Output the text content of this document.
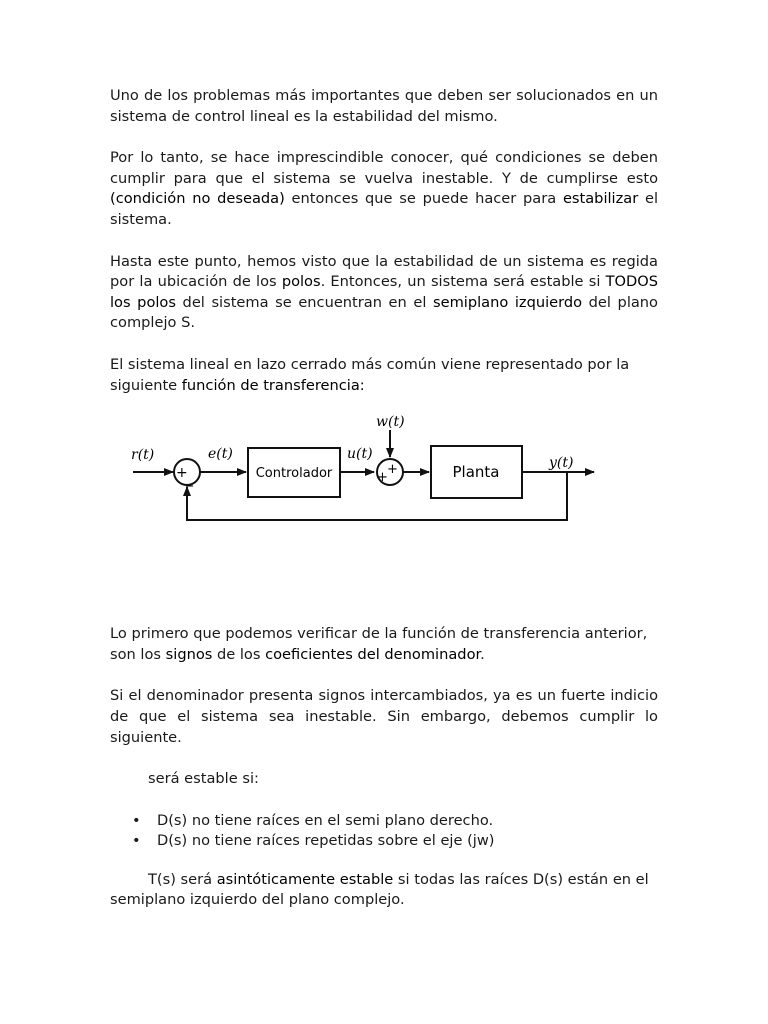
Uno de los problemas más importantes que deben ser solucionados en un sistema de control lineal es la estabilidad del mismo.

Por lo tanto, se hace imprescindible conocer, qué condiciones se deben cumplir para que el sistema se vuelva inestable. Y de cumplirse esto (condición no deseada) entonces que se puede hacer para estabilizar el sistema.

Hasta este punto, hemos visto que la estabilidad de un sistema es regida por la ubicación de los polos. Entonces, un sistema será estable si TODOS los polos del sistema se encuentran en el semiplano izquierdo del plano complejo S.

El sistema lineal en lazo cerrado más común viene representado por la siguiente función de transferencia:

+
_	Controlador	+
+	Planta
r(t)	e(t)
w(t)
u(t)
y(t)

Lo primero que podemos verificar de la función de transferencia anterior, son los signos de los coeficientes del denominador.

Si el denominador presenta signos intercambiados, ya es un fuerte indicio de que el sistema sea inestable. Sin embargo, debemos cumplir lo siguiente.

será estable si:

• D(s) no tiene raíces en el semi plano derecho.
• D(s) no tiene raíces repetidas sobre el eje (jw)

T(s) será asintóticamente estable si todas las raíces D(s) están en el semiplano izquierdo del plano complejo.
